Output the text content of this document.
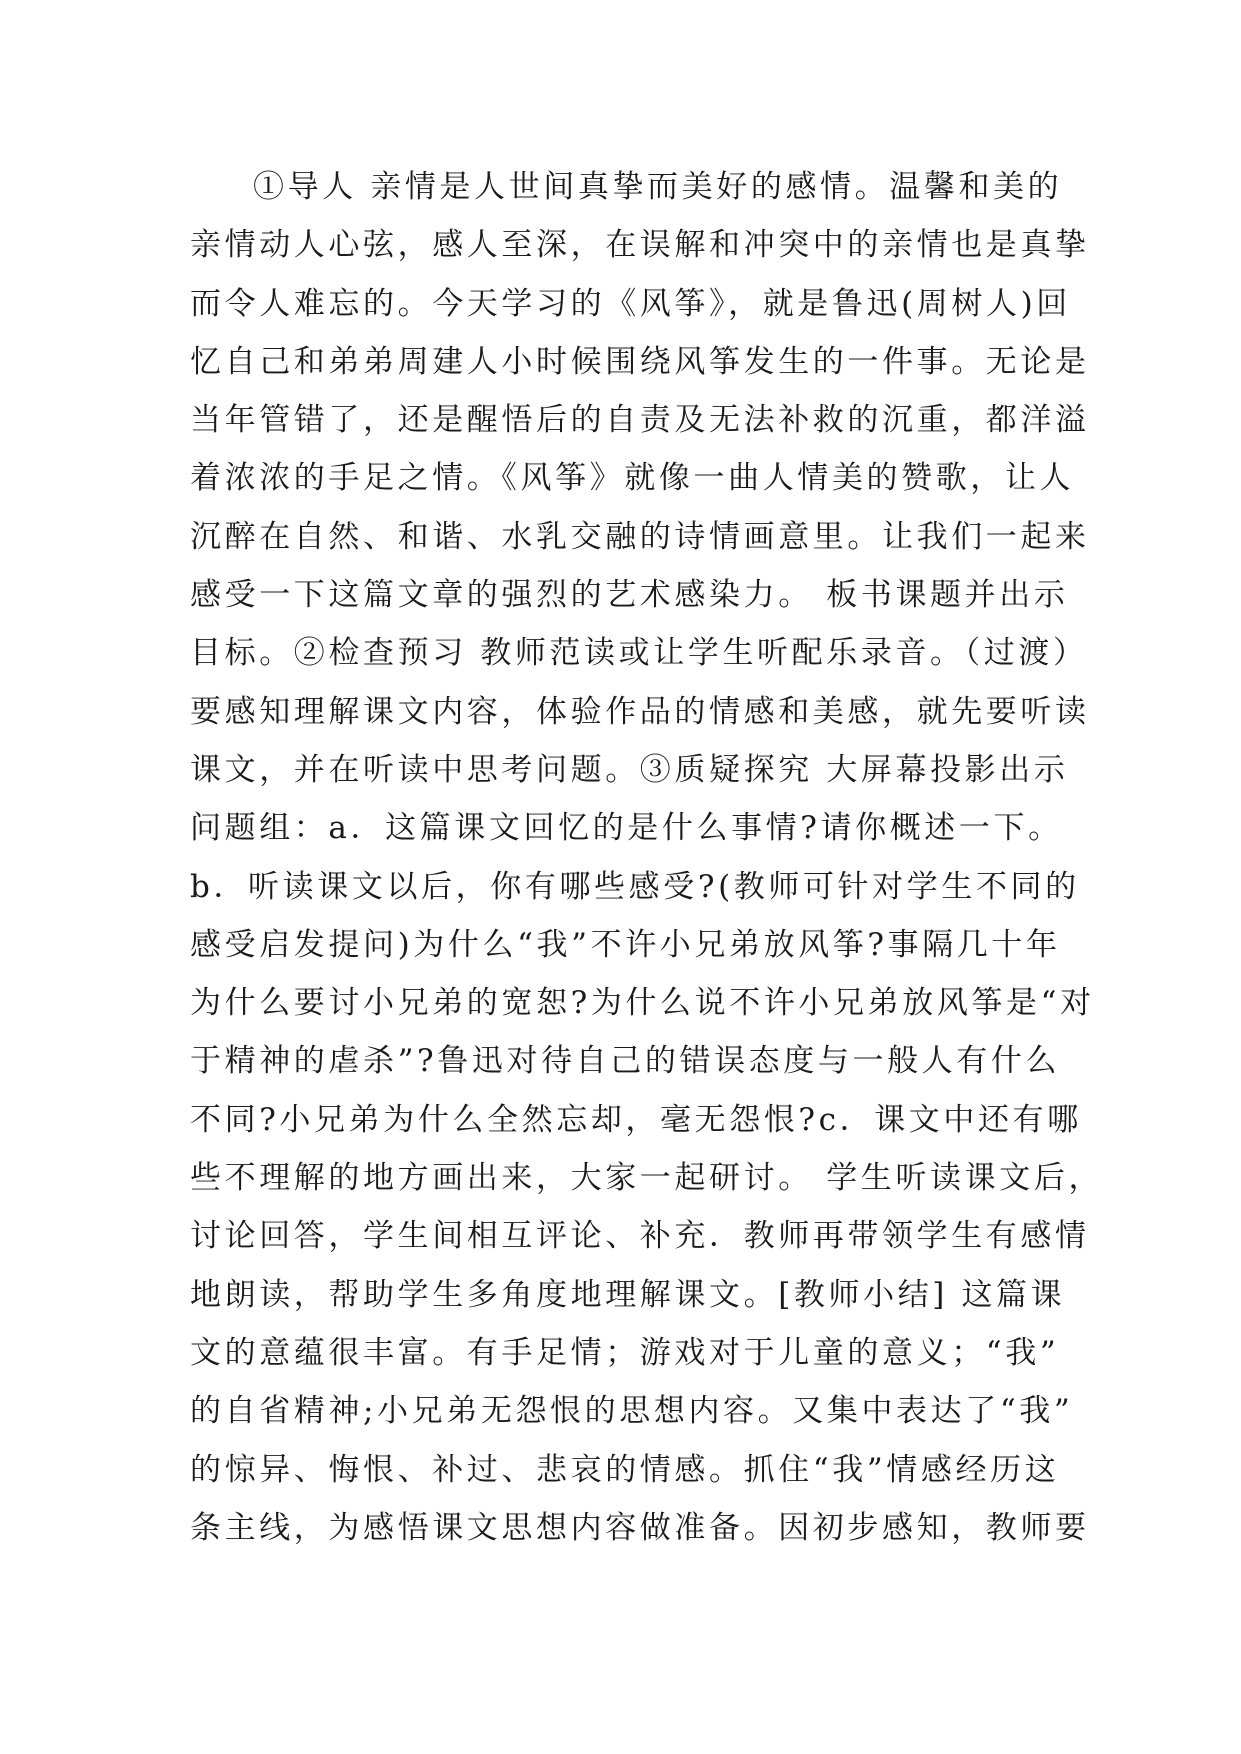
①导人 亲情是人世间真挚而美好的感情。温馨和美的
亲情动人心弦，感人至深，在误解和冲突中的亲情也是真挚
而令人难忘的。今天学习的《风筝》，就是鲁迅(周树人)回
忆自己和弟弟周建人小时候围绕风筝发生的一件事。无论是
当年管错了，还是醒悟后的自责及无法补救的沉重，都洋溢
着浓浓的手足之情。《风筝》就像一曲人情美的赞歌，让人
沉醉在自然、和谐、水乳交融的诗情画意里。让我们一起来
感受一下这篇文章的强烈的艺术感染力。 板书课题并出示
目标。②检查预习 教师范读或让学生听配乐录音。（过渡）
要感知理解课文内容，体验作品的情感和美感，就先要听读
课文，并在听读中思考问题。③质疑探究 大屏幕投影出示
问题组：a．这篇课文回忆的是什么事情?请你概述一下。
b．听读课文以后，你有哪些感受?(教师可针对学生不同的
感受启发提问)为什么“我”不许小兄弟放风筝?事隔几十年
为什么要讨小兄弟的宽恕?为什么说不许小兄弟放风筝是“对
于精神的虐杀”?鲁迅对待自己的错误态度与一般人有什么
不同?小兄弟为什么全然忘却，毫无怨恨?c．课文中还有哪
些不理解的地方画出来，大家一起研讨。 学生听读课文后，
讨论回答，学生间相互评论、补充．教师再带领学生有感情
地朗读，帮助学生多角度地理解课文。[教师小结] 这篇课
文的意蕴很丰富。有手足情；游戏对于儿童的意义；“我”
的自省精神;小兄弟无怨恨的思想内容。又集中表达了“我”
的惊异、悔恨、补过、悲哀的情感。抓住“我”情感经历这
条主线，为感悟课文思想内容做准备。因初步感知，教师要
